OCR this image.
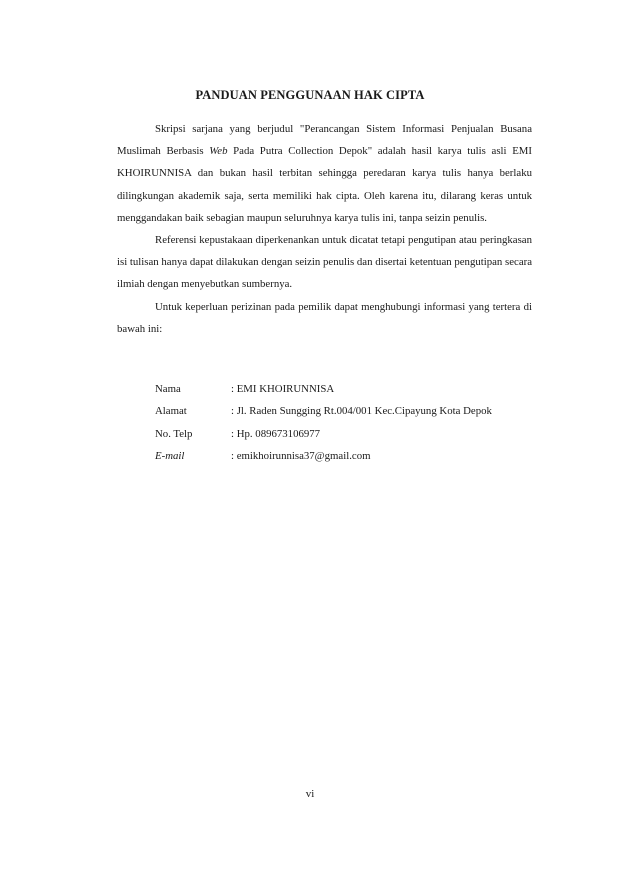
PANDUAN PENGGUNAAN HAK CIPTA

Skripsi sarjana yang berjudul "Perancangan Sistem Informasi Penjualan Busana Muslimah Berbasis Web Pada Putra Collection Depok" adalah hasil karya tulis asli EMI KHOIRUNNISA dan bukan hasil terbitan sehingga peredaran karya tulis hanya berlaku dilingkungan akademik saja, serta memiliki hak cipta. Oleh karena itu, dilarang keras untuk menggandakan baik sebagian maupun seluruhnya karya tulis ini, tanpa seizin penulis.

Referensi kepustakaan diperkenankan untuk dicatat tetapi pengutipan atau peringkasan isi tulisan hanya dapat dilakukan dengan seizin penulis dan disertai ketentuan pengutipan secara ilmiah dengan menyebutkan sumbernya.

Untuk keperluan perizinan pada pemilik dapat menghubungi informasi yang tertera di bawah ini:

Nama	: EMI KHOIRUNNISA
Alamat	: Jl. Raden Sungging Rt.004/001 Kec.Cipayung Kota Depok
No. Telp	: Hp. 089673106977
E-mail	: emikhoirunnisa37@gmail.com
vi
